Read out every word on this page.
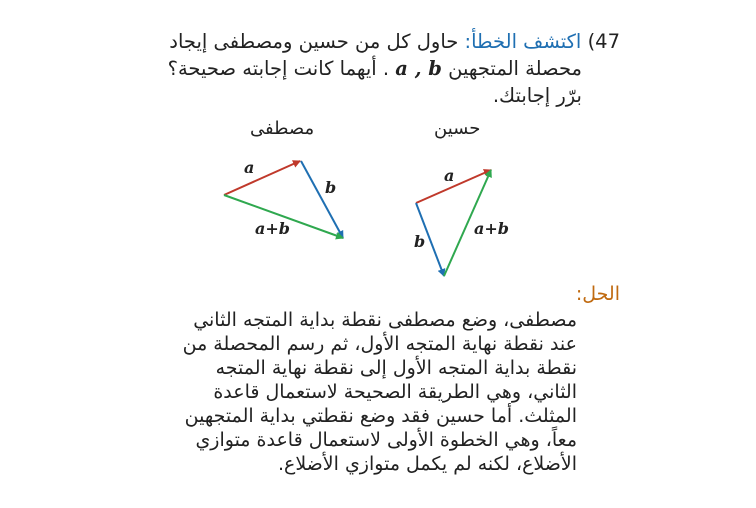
47) اكتشف الخطأ: حاول كل من حسين ومصطفى إيجاد
محصلة المتجهين a , b . أيهما كانت إجابته صحيحة؟
برّر إجابتك.
مصطفى	حسين
a
b
a+b
a
b
a+b
الحل:
مصطفى، وضع مصطفى نقطة بداية المتجه الثاني
عند نقطة نهاية المتجه الأول، ثم رسم المحصلة من
نقطة بداية المتجه الأول إلى نقطة نهاية المتجه
الثاني، وهي الطريقة الصحيحة لاستعمال قاعدة
المثلث. أما حسين فقد وضع نقطتي بداية المتجهين
معاً، وهي الخطوة الأولى لاستعمال قاعدة متوازي
الأضلاع، لكنه لم يكمل متوازي الأضلاع.
